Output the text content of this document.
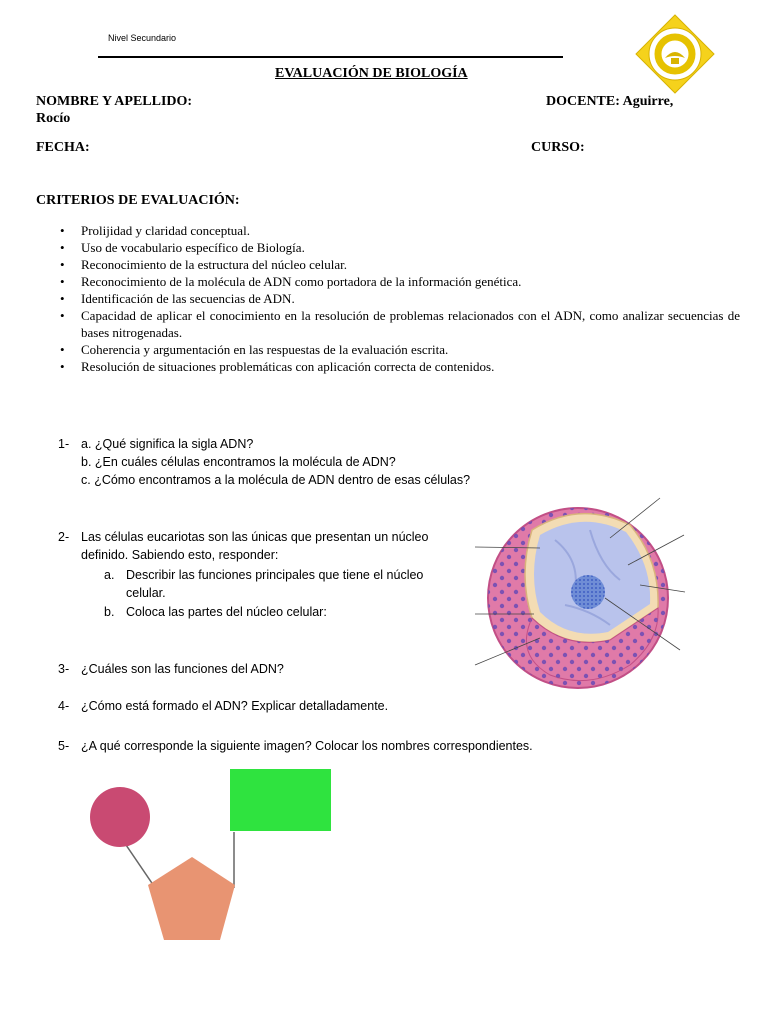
Nivel Secundario
EVALUACIÓN DE BIOLOGÍA
NOMBRE Y APELLIDO:	DOCENTE: Aguirre,
Rocío
FECHA:	CURSO:
CRITERIOS DE EVALUACIÓN:
• Prolijidad y claridad conceptual.
• Uso de vocabulario específico de Biología.
• Reconocimiento de la estructura del núcleo celular.
• Reconocimiento de la molécula de ADN como portadora de la información genética.
• Identificación de las secuencias de ADN.
• Capacidad de aplicar el conocimiento en la resolución de problemas relacionados con el ADN, como analizar secuencias de bases nitrogenadas.
• Coherencia y argumentación en las respuestas de la evaluación escrita.
• Resolución de situaciones problemáticas con aplicación correcta de contenidos.
1- a. ¿Qué significa la sigla ADN?
b. ¿En cuáles células encontramos la molécula de ADN?
c. ¿Cómo encontramos a la molécula de ADN dentro de esas células?
2- Las células eucariotas son las únicas que presentan un núcleo
definido. Sabiendo esto, responder:
a. Describir las funciones principales que tiene el núcleo
celular.
b. Coloca las partes del núcleo celular:
3- ¿Cuáles son las funciones del ADN?
4- ¿Cómo está formado el ADN? Explicar detalladamente.
5- ¿A qué corresponde la siguiente imagen? Colocar los nombres correspondientes.
